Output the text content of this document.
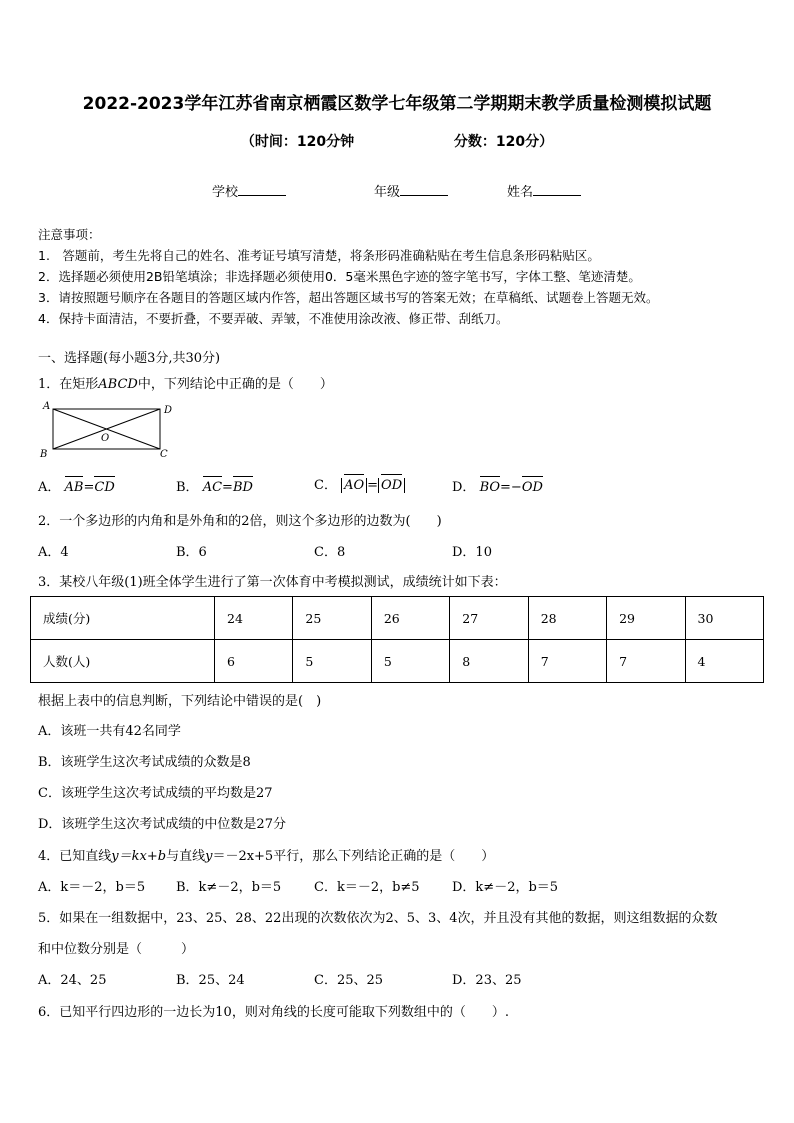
2022-2023学年江苏省南京栖霞区数学七年级第二学期期末教学质量检测模拟试题
（时间：120分钟	分数：120分）
学校	年级	姓名
注意事项：
1.　答题前，考生先将自己的姓名、准考证号填写清楚，将条形码准确粘贴在考生信息条形码粘贴区。
2．选择题必须使用2B铅笔填涂；非选择题必须使用0．5毫米黑色字迹的签字笔书写，字体工整、笔迹清楚。
3．请按照题号顺序在各题目的答题区域内作答，超出答题区域书写的答案无效；在草稿纸、试题卷上答题无效。
4．保持卡面清洁，不要折叠，不要弄破、弄皱，不准使用涂改液、修正带、刮纸刀。
一、选择题(每小题3分,共30分)
1．在矩形ABCD中，下列结论中正确的是（　　）
A	D
B	C
O
A． AB=CD	B． AC=BD	C． AO = OD	D． BO=−OD
2．一个多边形的内角和是外角和的2倍，则这个多边形的边数为(　　)
A．4	B．6	C．8	D．10
3．某校八年级(1)班全体学生进行了第一次体育中考模拟测试，成绩统计如下表：
成绩(分)	24	25	26	27	28	29	30
人数(人)	6	5	5	8	7	7	4
根据上表中的信息判断，下列结论中错误的是(　)
A．该班一共有42名同学
B．该班学生这次考试成绩的众数是8
C．该班学生这次考试成绩的平均数是27
D．该班学生这次考试成绩的中位数是27分
4．已知直线y＝kx+b与直线y＝－2x+5平行，那么下列结论正确的是（　　）
A．k＝－2，b＝5 B．k≠－2，b＝5	C．k＝－2，b≠5 D．k≠－2，b＝5
5．如果在一组数据中，23、25、28、22出现的次数依次为2、5、3、4次，并且没有其他的数据，则这组数据的众数
和中位数分别是（　　　）
A．24、25	B．25、24	C．25、25	D．23、25
6．已知平行四边形的一边长为10，则对角线的长度可能取下列数组中的（　　）.
